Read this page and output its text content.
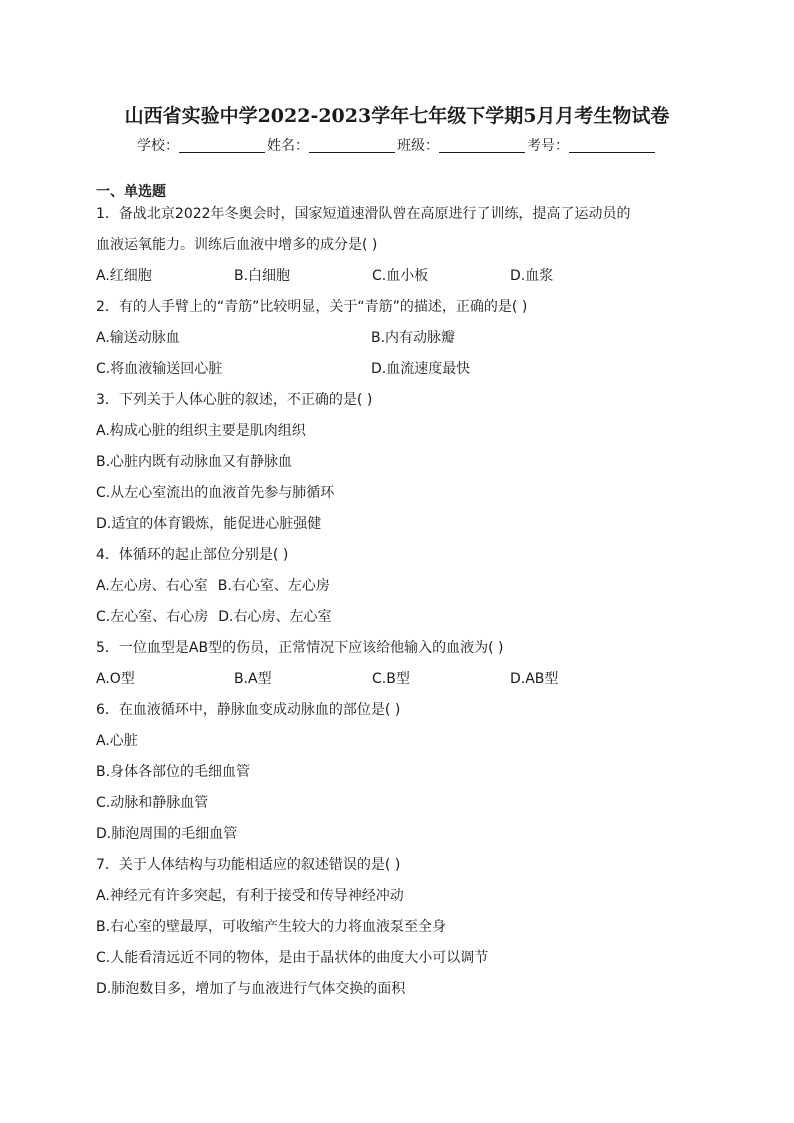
山西省实验中学2022-2023学年七年级下学期5月月考生物试卷
学校：	姓名：	班级：	考号：
一、单选题
1．备战北京2022年冬奥会时，国家短道速滑队曾在高原进行了训练，提高了运动员的
血液运氧能力。训练后血液中增多的成分是( )
A.红细胞	B.白细胞	C.血小板	D.血浆
2．有的人手臂上的“青筋”比较明显，关于“青筋”的描述，正确的是( )
A.输送动脉血	B.内有动脉瓣
C.将血液输送回心脏	D.血流速度最快
3．下列关于人体心脏的叙述，不正确的是( )
A.构成心脏的组织主要是肌肉组织
B.心脏内既有动脉血又有静脉血
C.从左心室流出的血液首先参与肺循环
D.适宜的体育锻炼，能促进心脏强健
4．体循环的起止部位分别是( )
A.左心房、右心室 B.右心室、左心房
C.左心室、右心房 D.右心房、左心室
5．一位血型是AB型的伤员，正常情况下应该给他输入的血液为( )
A.O型	B.A型	C.B型	D.AB型
6．在血液循环中，静脉血变成动脉血的部位是( )
A.心脏
B.身体各部位的毛细血管
C.动脉和静脉血管
D.肺泡周围的毛细血管
7．关于人体结构与功能相适应的叙述错误的是( )
A.神经元有许多突起，有利于接受和传导神经冲动
B.右心室的壁最厚，可收缩产生较大的力将血液泵至全身
C.人能看清远近不同的物体，是由于晶状体的曲度大小可以调节
D.肺泡数目多，增加了与血液进行气体交换的面积
